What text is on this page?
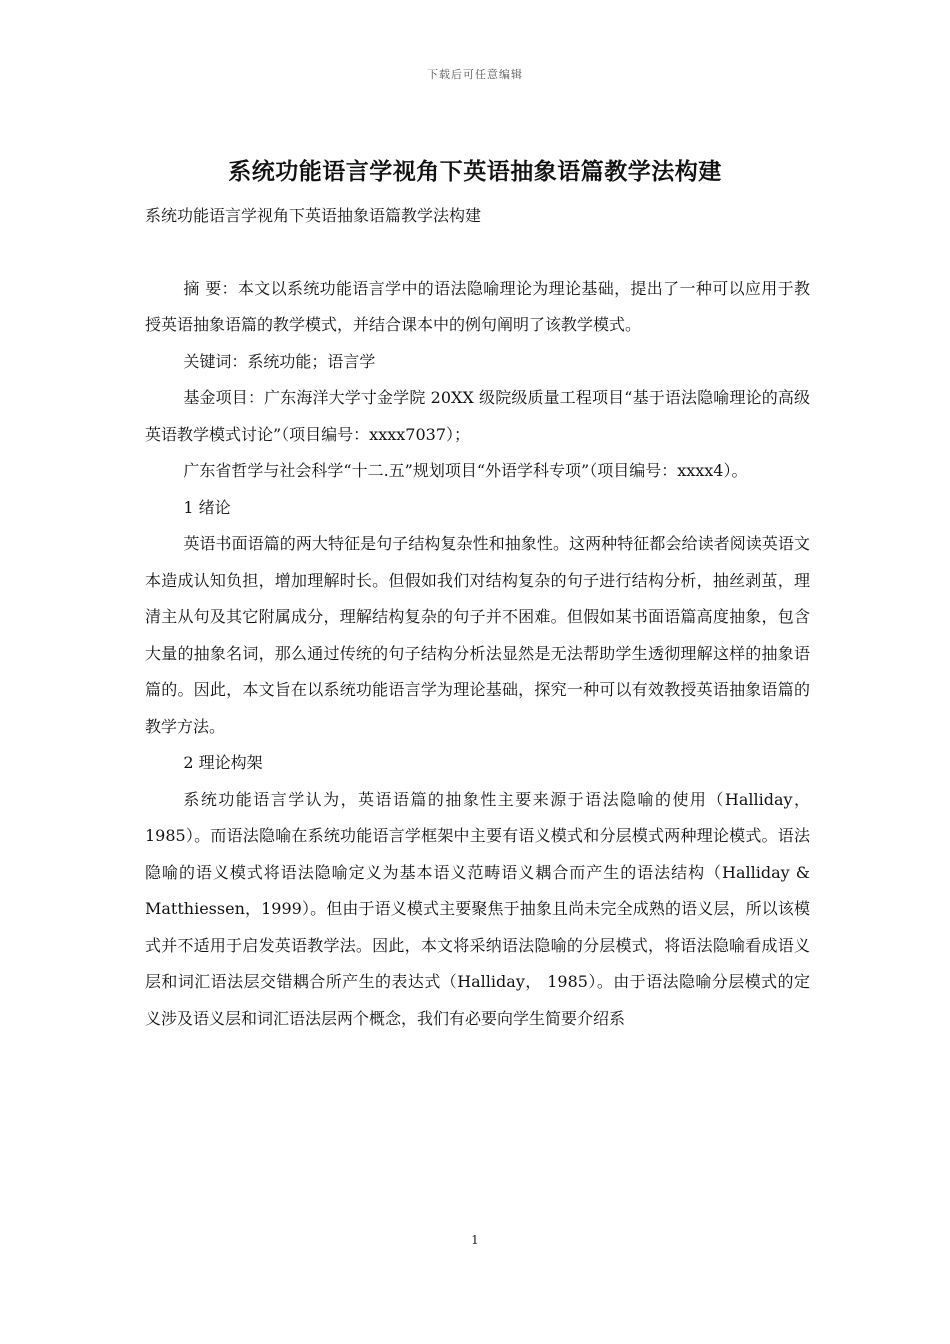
下载后可任意编辑
系统功能语言学视角下英语抽象语篇教学法构建

系统功能语言学视角下英语抽象语篇教学法构建

摘 要：本文以系统功能语言学中的语法隐喻理论为理论基础，提出了一种可以应用于教授英语抽象语篇的教学模式，并结合课本中的例句阐明了该教学模式。

关键词：系统功能；语言学

基金项目：广东海洋大学寸金学院 20XX 级院级质量工程项目“基于语法隐喻理论的高级英语教学模式讨论”（项目编号：xxxx7037）；

广东省哲学与社会科学“十二.五”规划项目“外语学科专项”（项目编号：xxxx4）。

1 绪论

英语书面语篇的两大特征是句子结构复杂性和抽象性。这两种特征都会给读者阅读英语文本造成认知负担，增加理解时长。但假如我们对结构复杂的句子进行结构分析，抽丝剥茧，理清主从句及其它附属成分，理解结构复杂的句子并不困难。但假如某书面语篇高度抽象，包含大量的抽象名词，那么通过传统的句子结构分析法显然是无法帮助学生透彻理解这样的抽象语篇的。因此，本文旨在以系统功能语言学为理论基础，探究一种可以有效教授英语抽象语篇的教学方法。

2 理论构架

系统功能语言学认为，英语语篇的抽象性主要来源于语法隐喻的使用（Halliday， 1985）。而语法隐喻在系统功能语言学框架中主要有语义模式和分层模式两种理论模式。语法隐喻的语义模式将语法隐喻定义为基本语义范畴语义耦合而产生的语法结构（Halliday & Matthiessen，1999）。但由于语义模式主要聚焦于抽象且尚未完全成熟的语义层，所以该模式并不适用于启发英语教学法。因此，本文将采纳语法隐喻的分层模式，将语法隐喻看成语义层和词汇语法层交错耦合所产生的表达式（Halliday， 1985）。由于语法隐喻分层模式的定义涉及语义层和词汇语法层两个概念，我们有必要向学生简要介绍系

1
